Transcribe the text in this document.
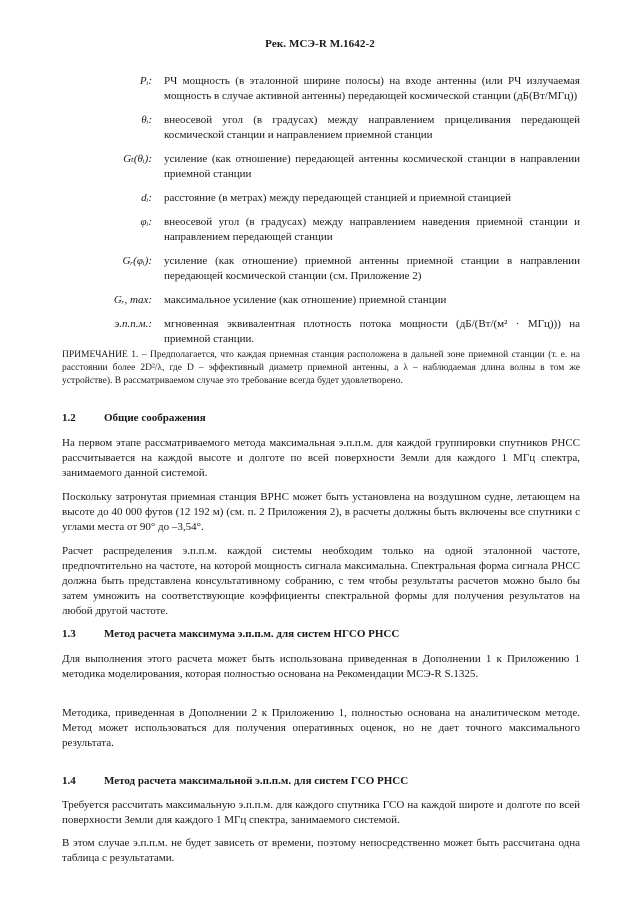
Рек. МСЭ-R M.1642-2
Pᵢ:	РЧ мощность (в эталонной ширине полосы) на входе антенны (или РЧ излучаемая мощность в случае активной антенны) передающей космической станции (дБ(Вт/МГц))
θᵢ:	внеосевой угол (в градусах) между направлением прицеливания передающей космической станции и направлением приемной станции
Gₜ(θᵢ):	усиление (как отношение) передающей антенны космической станции в направлении приемной станции
dᵢ:	расстояние (в метрах) между передающей станцией и приемной станцией
φᵢ:	внеосевой угол (в градусах) между направлением наведения приемной станции и направлением передающей станции
Gᵣ(φᵢ):	усиление (как отношение) приемной антенны приемной станции в направлении передающей космической станции (см. Приложение 2)
Gᵣ, max:	максимальное усиление (как отношение) приемной станции
э.п.п.м.:	мгновенная эквивалентная плотность потока мощности (дБ/(Вт/(м² · МГц))) на приемной станции.
ПРИМЕЧАНИЕ 1. – Предполагается, что каждая приемная станция расположена в дальней зоне приемной станции (т. е. на расстоянии более 2D²/λ, где D – эффективный диаметр приемной антенны, а λ – наблюдаемая длина волны в том же устройстве). В рассматриваемом случае это требование всегда будет удовлетворено.
1.2	Общие соображения

На первом этапе рассматриваемого метода максимальная э.п.п.м. для каждой группировки спутников РНСС рассчитывается на каждой высоте и долготе по всей поверхности Земли для каждого 1 МГц спектра, занимаемого данной системой.

Поскольку затронутая приемная станция ВРНС может быть установлена на воздушном судне, летающем на высоте до 40 000 футов (12 192 м) (см. п. 2 Приложения 2), в расчеты должны быть включены все спутники с углами места от 90° до –3,54°.

Расчет распределения э.п.п.м. каждой системы необходим только на одной эталонной частоте, предпочтительно на частоте, на которой мощность сигнала максимальна. Спектральная форма сигнала РНСС должна быть представлена консультативному собранию, с тем чтобы результаты расчетов можно было бы затем умножить на соответствующие коэффициенты спектральной формы для получения результатов на любой другой частоте.

1.3	Метод расчета максимума э.п.п.м. для систем НГСО РНСС

Для выполнения этого расчета может быть использована приведенная в Дополнении 1 к Приложению 1 методика моделирования, которая полностью основана на Рекомендации МСЭ-R S.1325.

Методика, приведенная в Дополнении 2 к Приложению 1, полностью основана на аналитическом методе. Метод может использоваться для получения оперативных оценок, но не дает точного максимального результата.

1.4	Метод расчета максимальной э.п.п.м. для систем ГСО РНСС

Требуется рассчитать максимальную э.п.п.м. для каждого спутника ГСО на каждой широте и долготе по всей поверхности Земли для каждого 1 МГц спектра, занимаемого системой.

В этом случае э.п.п.м. не будет зависеть от времени, поэтому непосредственно может быть рассчитана одна таблица с результатами.
